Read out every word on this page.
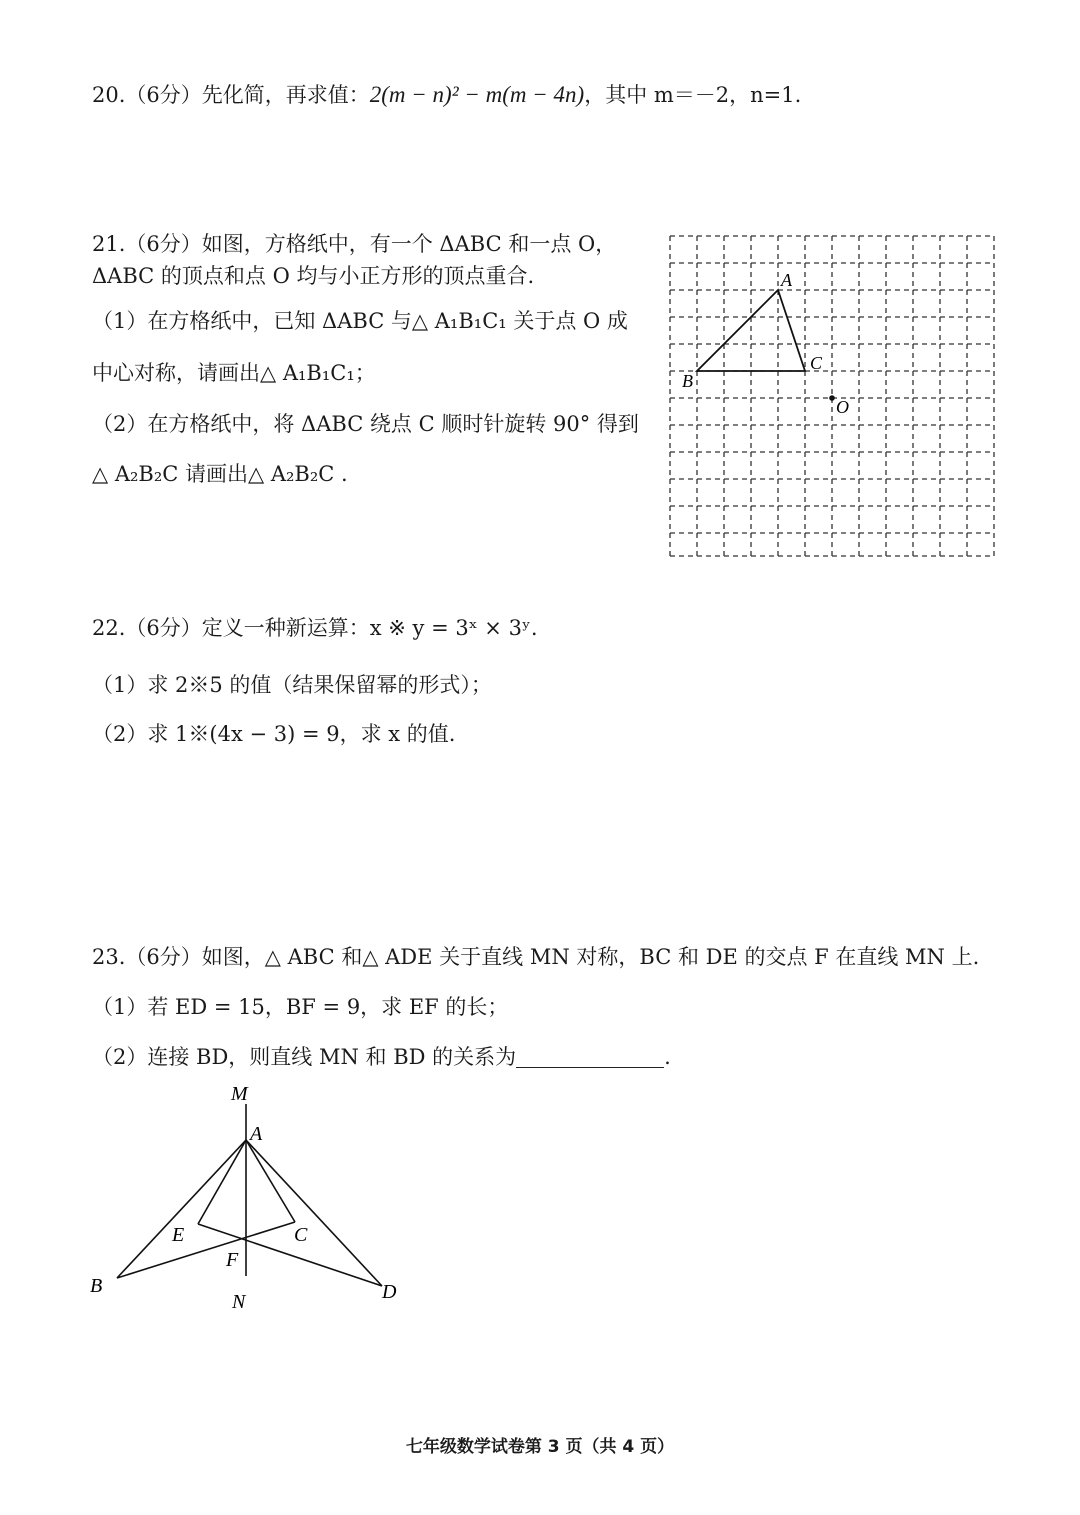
20.（6分）先化简，再求值：2(m − n)² − m(m − 4n)，其中 m＝－2，n=1.
21.（6分）如图，方格纸中，有一个 ΔABC 和一点 O，
ΔABC 的顶点和点 O 均与小正方形的顶点重合.
（1）在方格纸中，已知 ΔABC 与△ A₁B₁C₁ 关于点 O 成
中心对称，请画出△ A₁B₁C₁；
（2）在方格纸中，将 ΔABC 绕点 C 顺时针旋转 90° 得到
△ A₂B₂C 请画出△ A₂B₂C .
A
B
C
O
22.（6分）定义一种新运算：x ※ y = 3ˣ × 3ʸ.
（1）求 2※5 的值（结果保留幂的形式）；
（2）求 1※(4x − 3) = 9，求 x 的值.
23.（6分）如图，△ ABC 和△ ADE 关于直线 MN 对称，BC 和 DE 的交点 F 在直线 MN 上.
（1）若 ED = 15，BF = 9，求 EF 的长；
（2）连接 BD，则直线 MN 和 BD 的关系为	.
M
A
E	C
F
B
N	D
七年级数学试卷第 3 页（共 4 页）
